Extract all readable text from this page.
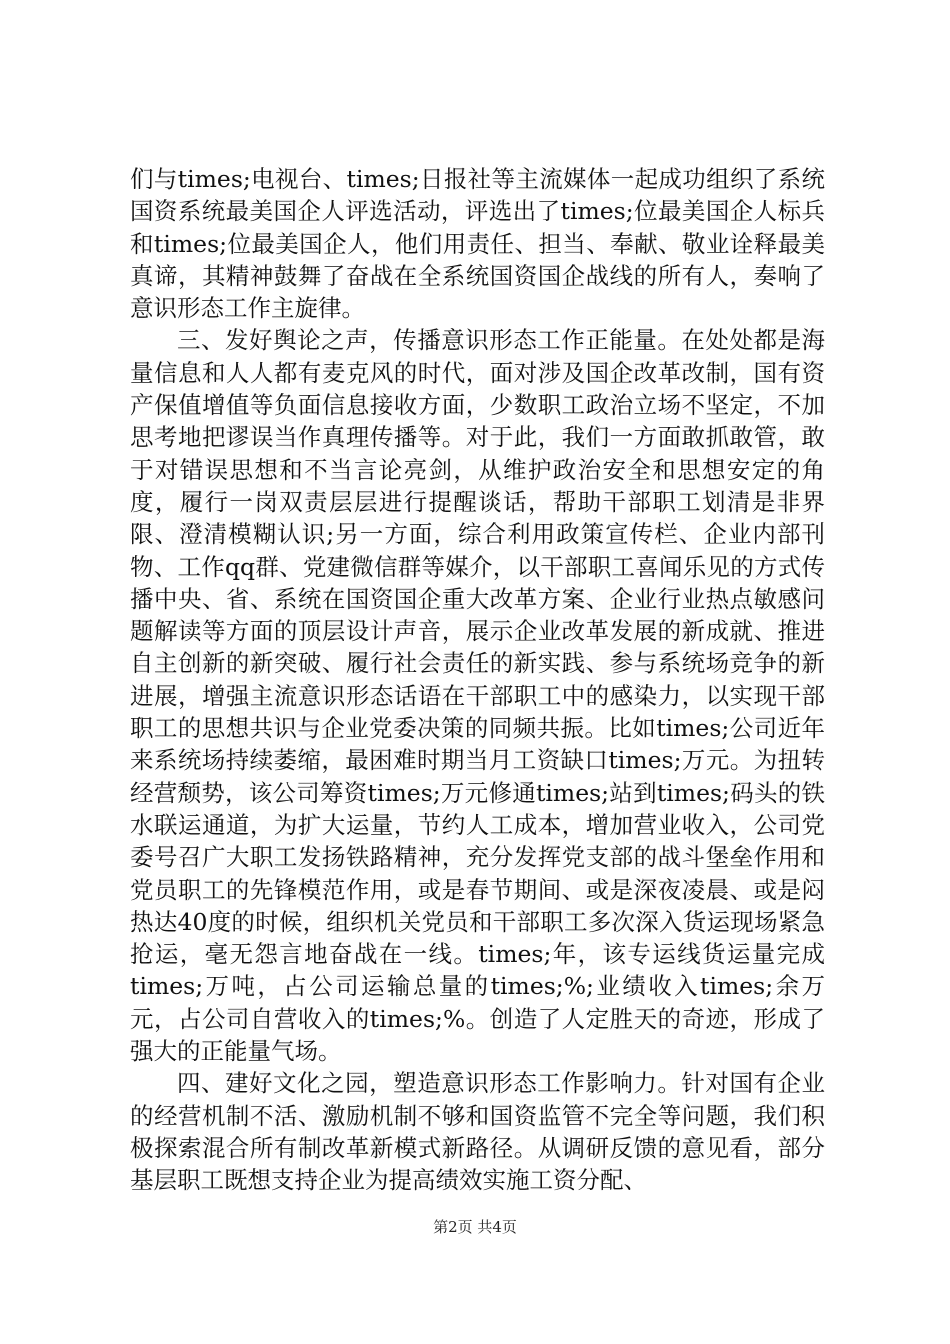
们与times;电视台、times;日报社等主流媒体一起成功组织了系统国资系统最美国企人评选活动，评选出了times;位最美国企人标兵和times;位最美国企人，他们用责任、担当、奉献、敬业诠释最美真谛，其精神鼓舞了奋战在全系统国资国企战线的所有人，奏响了意识形态工作主旋律。

三、发好舆论之声，传播意识形态工作正能量。在处处都是海量信息和人人都有麦克风的时代，面对涉及国企改革改制，国有资产保值增值等负面信息接收方面，少数职工政治立场不坚定，不加思考地把谬误当作真理传播等。对于此，我们一方面敢抓敢管，敢于对错误思想和不当言论亮剑，从维护政治安全和思想安定的角度，履行一岗双责层层进行提醒谈话，帮助干部职工划清是非界限、澄清模糊认识;另一方面，综合利用政策宣传栏、企业内部刊物、工作qq群、党建微信群等媒介，以干部职工喜闻乐见的方式传播中央、省、系统在国资国企重大改革方案、企业行业热点敏感问题解读等方面的顶层设计声音，展示企业改革发展的新成就、推进自主创新的新突破、履行社会责任的新实践、参与系统场竞争的新进展，增强主流意识形态话语在干部职工中的感染力，以实现干部职工的思想共识与企业党委决策的同频共振。比如times;公司近年来系统场持续萎缩，最困难时期当月工资缺口times;万元。为扭转经营颓势，该公司筹资times;万元修通times;站到times;码头的铁水联运通道，为扩大运量，节约人工成本，增加营业收入，公司党委号召广大职工发扬铁路精神，充分发挥党支部的战斗堡垒作用和党员职工的先锋模范作用，或是春节期间、或是深夜凌晨、或是闷热达40度的时候，组织机关党员和干部职工多次深入货运现场紧急抢运，毫无怨言地奋战在一线。times;年，该专运线货运量完成times;万吨，占公司运输总量的times;%;业绩收入times;余万元，占公司自营收入的times;%。创造了人定胜天的奇迹，形成了强大的正能量气场。

四、建好文化之园，塑造意识形态工作影响力。针对国有企业的经营机制不活、激励机制不够和国资监管不完全等问题，我们积极探索混合所有制改革新模式新路径。从调研反馈的意见看，部分基层职工既想支持企业为提高绩效实施工资分配、

第2页 共4页
